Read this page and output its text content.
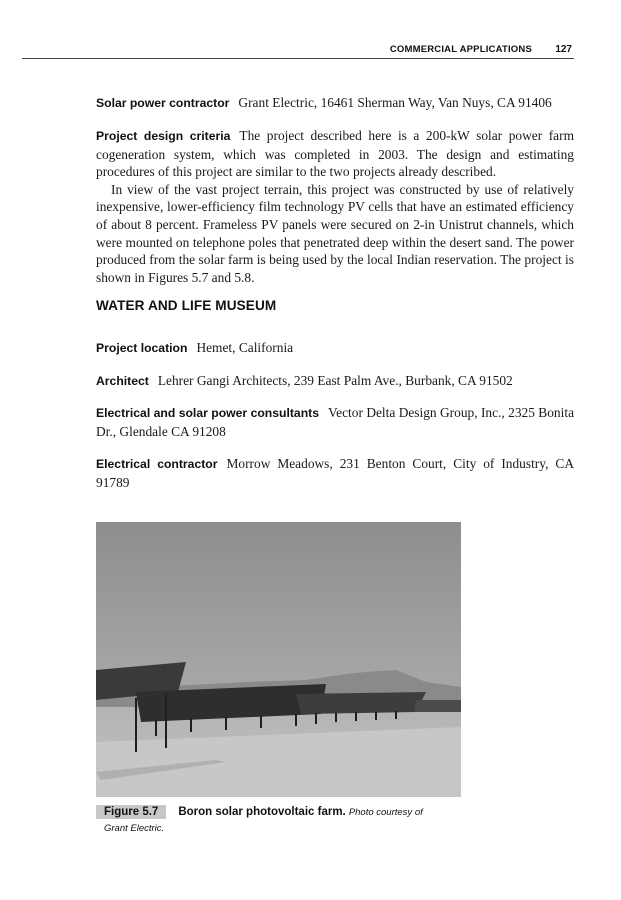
COMMERCIAL APPLICATIONS 127

Solar power contractor Grant Electric, 16461 Sherman Way, Van Nuys, CA 91406

Project design criteria The project described here is a 200-kW solar power farm cogeneration system, which was completed in 2003. The design and estimating procedures of this project are similar to the two projects already described.

In view of the vast project terrain, this project was constructed by use of relatively inexpensive, lower-efficiency film technology PV cells that have an estimated efficiency of about 8 percent. Frameless PV panels were secured on 2-in Unistrut channels, which were mounted on telephone poles that penetrated deep within the desert sand. The power produced from the solar farm is being used by the local Indian reservation. The project is shown in Figures 5.7 and 5.8.

WATER AND LIFE MUSEUM

Project location Hemet, California

Architect Lehrer Gangi Architects, 239 East Palm Ave., Burbank, CA 91502

Electrical and solar power consultants Vector Delta Design Group, Inc., 2325 Bonita Dr., Glendale CA 91208

Electrical contractor Morrow Meadows, 231 Benton Court, City of Industry, CA 91789

Figure 5.7 Boron solar photovoltaic farm. Photo courtesy of
Grant Electric.
